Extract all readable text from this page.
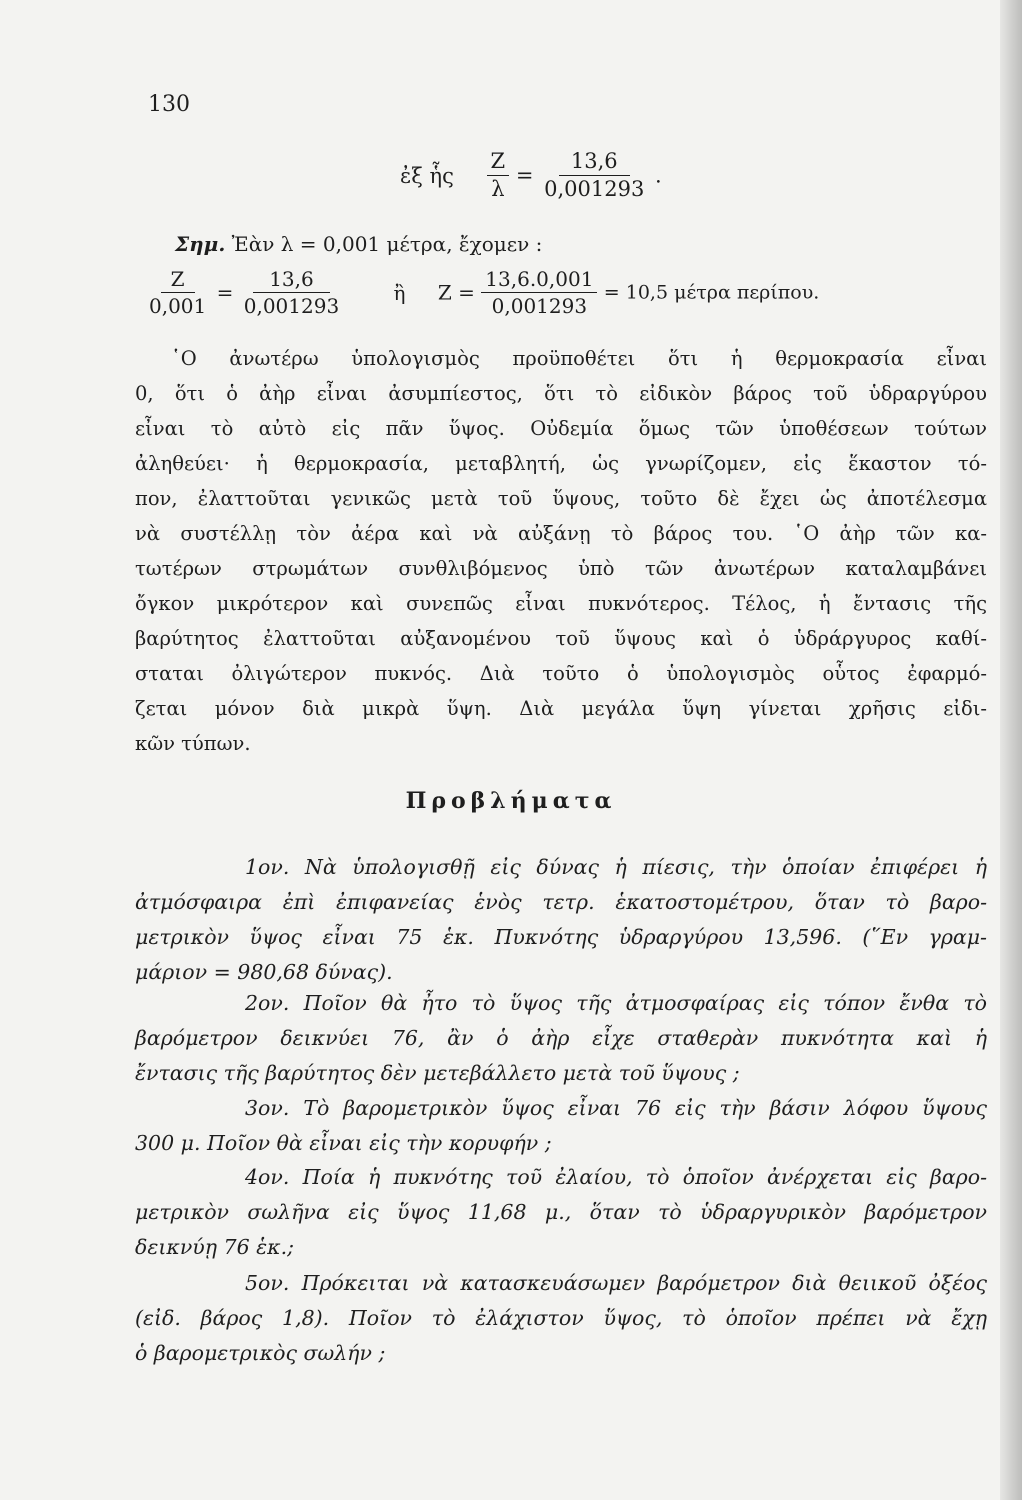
130
ἐξ ἧς $\frac{Z}{\lambda} = \frac{13,6}{0,001293}$ .
Σημ. Ἐὰν λ = 0,001 μέτρα, ἔχομεν :
$\frac{Z}{0,001} = \frac{13,6}{0,001293}$	ἢ $Z = \frac{13,6.0,001}{0,001293} = 10,5$ μέτρα περίπου.
῾Ο ἀνωτέρω ὑπολογισμὸς προϋποθέτει ὅτι ἡ θερμοκρασία εἶναι
0, ὅτι ὁ ἀὴρ εἶναι ἀσυμπίεστος, ὅτι τὸ εἰδικὸν βάρος τοῦ ὑδραργύρου
εἶναι τὸ αὐτὸ εἰς πᾶν ὕψος. Οὐδεμία ὅμως τῶν ὑποθέσεων τούτων
ἀληθεύει· ἡ θερμοκρασία, μεταβλητή, ὡς γνωρίζομεν, εἰς ἕκαστον τό-
πον, ἐλαττοῦται γενικῶς μετὰ τοῦ ὕψους, τοῦτο δὲ ἔχει ὡς ἀποτέλεσμα
νὰ συστέλλῃ τὸν ἀέρα καὶ νὰ αὐξάνῃ τὸ βάρος του. ῾Ο ἀὴρ τῶν κα-
τωτέρων στρωμάτων συνθλιβόμενος ὑπὸ τῶν ἀνωτέρων καταλαμβάνει
ὄγκον μικρότερον καὶ συνεπῶς εἶναι πυκνότερος. Τέλος, ἡ ἔντασις τῆς
βαρύτητος ἐλαττοῦται αὐξανομένου τοῦ ὕψους καὶ ὁ ὑδράργυρος καθί-
σταται ὀλιγώτερον πυκνός. Διὰ τοῦτο ὁ ὑπολογισμὸς οὗτος ἐφαρμό-
ζεται μόνον διὰ μικρὰ ὕψη. Διὰ μεγάλα ὕψη γίνεται χρῆσις εἰδι-
κῶν τύπων.
Προβλήματα
1ον. Νὰ ὑπολογισθῇ εἰς δύνας ἡ πίεσις, τὴν ὁποίαν ἐπιφέρει ἡ
ἀτμόσφαιρα ἐπὶ ἐπιφανείας ἑνὸς τετρ. ἑκατοστομέτρου, ὅταν τὸ βαρο-
μετρικὸν ὕψος εἶναι 75 ἑκ. Πυκνότης ὑδραργύρου 13,596. (῞Εν γραμ-
μάριον = 980,68 δύνας).
2ον. Ποῖον θὰ ἦτο τὸ ὕψος τῆς ἀτμοσφαίρας εἰς τόπον ἔνθα τὸ
βαρόμετρον δεικνύει 76, ἂν ὁ ἀὴρ εἶχε σταθερὰν πυκνότητα καὶ ἡ
ἔντασις τῆς βαρύτητος δὲν μετεβάλλετο μετὰ τοῦ ὕψους ;
3ον. Τὸ βαρομετρικὸν ὕψος εἶναι 76 εἰς τὴν βάσιν λόφου ὕψους
300 μ. Ποῖον θὰ εἶναι εἰς τὴν κορυφήν ;
4ον. Ποία ἡ πυκνότης τοῦ ἐλαίου, τὸ ὁποῖον ἀνέρχεται εἰς βαρο-
μετρικὸν σωλῆνα εἰς ὕψος 11,68 μ., ὅταν τὸ ὑδραργυρικὸν βαρόμετρον
δεικνύῃ 76 ἑκ.;
5ον. Πρόκειται νὰ κατασκευάσωμεν βαρόμετρον διὰ θειικοῦ ὀξέος
(εἰδ. βάρος 1,8). Ποῖον τὸ ἐλάχιστον ὕψος, τὸ ὁποῖον πρέπει νὰ ἔχῃ
ὁ βαρομετρικὸς σωλήν ;
